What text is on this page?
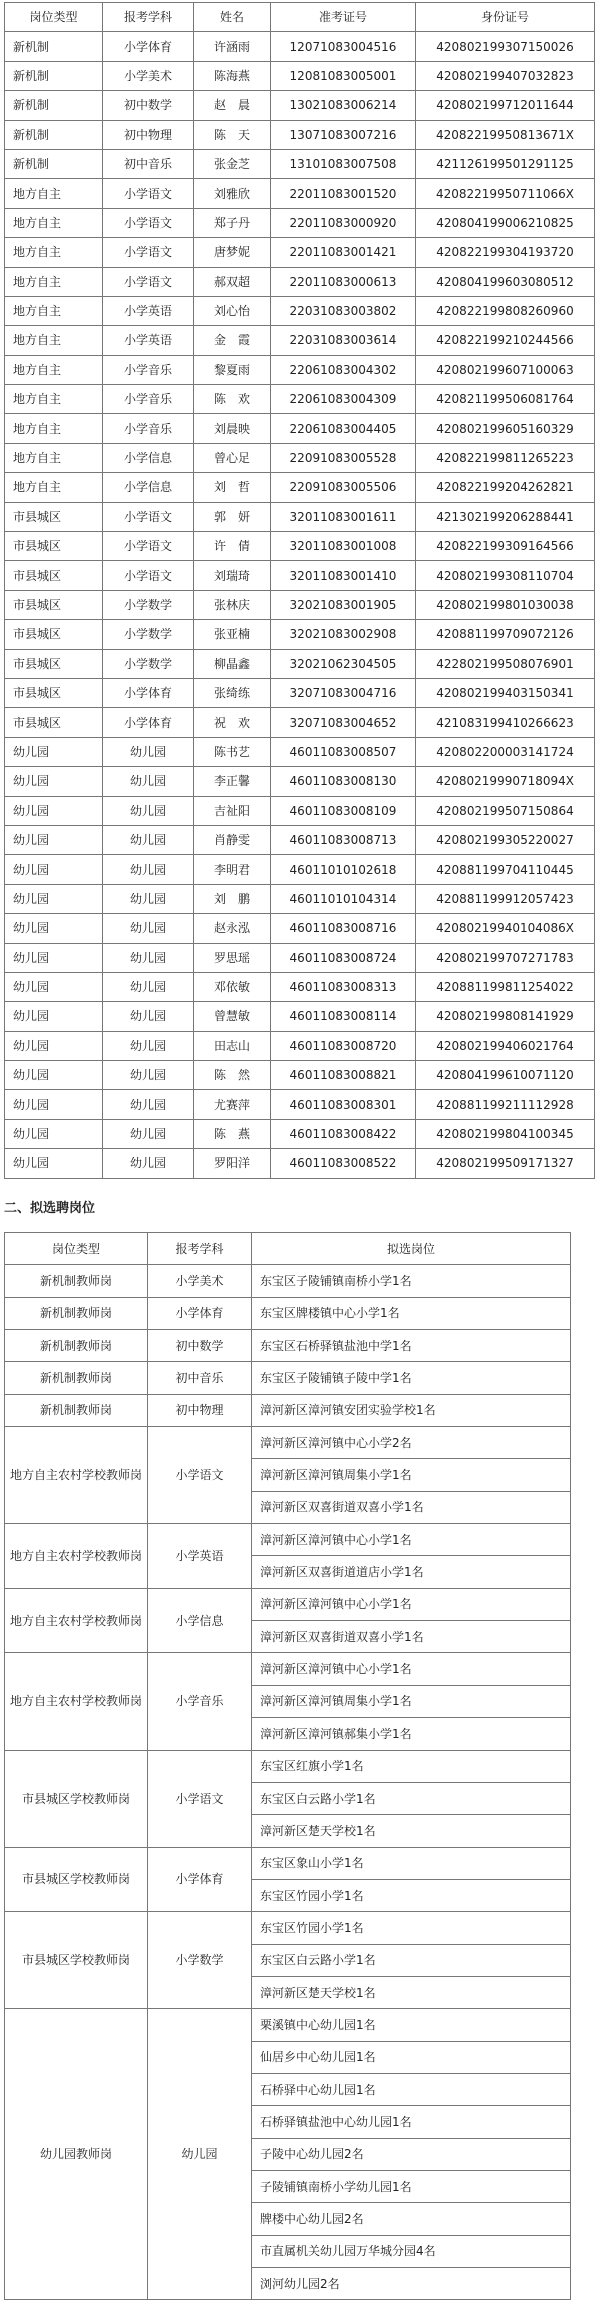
岗位类型	报考学科	姓名	准考证号	身份证号
新机制	小学体育	许涵雨	12071083004516	420802199307150026
新机制	小学美术	陈海燕	12081083005001	420802199407032823
新机制	初中数学	赵　晨	13021083006214	420802199712011644
新机制	初中物理	陈　天	13071083007216	42082219950813671X
新机制	初中音乐	张金芝	13101083007508	421126199501291125
地方自主	小学语文	刘雅欣	22011083001520	42082219950711066X
地方自主	小学语文	郑子丹	22011083000920	420804199006210825
地方自主	小学语文	唐梦妮	22011083001421	420822199304193720
地方自主	小学语文	郝双超	22011083000613	420804199603080512
地方自主	小学英语	刘心怡	22031083003802	420822199808260960
地方自主	小学英语	金　霞	22031083003614	420822199210244566
地方自主	小学音乐	黎夏雨	22061083004302	420802199607100063
地方自主	小学音乐	陈　欢	22061083004309	420821199506081764
地方自主	小学音乐	刘晨映	22061083004405	420802199605160329
地方自主	小学信息	曾心足	22091083005528	420822199811265223
地方自主	小学信息	刘　哲	22091083005506	420822199204262821
市县城区	小学语文	郭　妍	32011083001611	421302199206288441
市县城区	小学语文	许　倩	32011083001008	420822199309164566
市县城区	小学语文	刘瑞琦	32011083001410	420802199308110704
市县城区	小学数学	张林庆	32021083001905	420802199801030038
市县城区	小学数学	张亚楠	32021083002908	420881199709072126
市县城区	小学数学	柳晶鑫	32021062304505	422802199508076901
市县城区	小学体育	张绮练	32071083004716	420802199403150341
市县城区	小学体育	祝　欢	32071083004652	421083199410266623
幼儿园	幼儿园	陈书艺	46011083008507	420802200003141724
幼儿园	幼儿园	李正馨	46011083008130	42080219990718094X
幼儿园	幼儿园	吉祉阳	46011083008109	420802199507150864
幼儿园	幼儿园	肖静雯	46011083008713	420802199305220027
幼儿园	幼儿园	李明君	46011010102618	420881199704110445
幼儿园	幼儿园	刘　鹏	46011010104314	420881199912057423
幼儿园	幼儿园	赵永泓	46011083008716	42080219940104086X
幼儿园	幼儿园	罗思瑶	46011083008724	420802199707271783
幼儿园	幼儿园	邓依敏	46011083008313	420881199811254022
幼儿园	幼儿园	曾慧敏	46011083008114	420802199808141929
幼儿园	幼儿园	田志山	46011083008720	420802199406021764
幼儿园	幼儿园	陈　然	46011083008821	420804199610071120
幼儿园	幼儿园	尤赛萍	46011083008301	420881199211112928
幼儿园	幼儿园	陈　燕	46011083008422	420802199804100345
幼儿园	幼儿园	罗阳洋	46011083008522	420802199509171327
二、拟选聘岗位
岗位类型	报考学科	拟选岗位
新机制教师岗	小学美术	东宝区子陵铺镇南桥小学1名
新机制教师岗	小学体育	东宝区牌楼镇中心小学1名
新机制教师岗	初中数学	东宝区石桥驿镇盐池中学1名
新机制教师岗	初中音乐	东宝区子陵铺镇子陵中学1名
新机制教师岗	初中物理	漳河新区漳河镇安团实验学校1名
地方自主农村学校教师岗	小学语文	漳河新区漳河镇中心小学2名
		漳河新区漳河镇周集小学1名
		漳河新区双喜街道双喜小学1名
地方自主农村学校教师岗	小学英语	漳河新区漳河镇中心小学1名
		漳河新区双喜街道道店小学1名
地方自主农村学校教师岗	小学信息	漳河新区漳河镇中心小学1名
		漳河新区双喜街道双喜小学1名
地方自主农村学校教师岗	小学音乐	漳河新区漳河镇中心小学1名
		漳河新区漳河镇周集小学1名
		漳河新区漳河镇郝集小学1名
市县城区学校教师岗	小学语文	东宝区红旗小学1名
		东宝区白云路小学1名
		漳河新区楚天学校1名
市县城区学校教师岗	小学体育	东宝区象山小学1名
		东宝区竹园小学1名
市县城区学校教师岗	小学数学	东宝区竹园小学1名
		东宝区白云路小学1名
		漳河新区楚天学校1名
幼儿园教师岗	幼儿园	栗溪镇中心幼儿园1名
		仙居乡中心幼儿园1名
		石桥驿中心幼儿园1名
		石桥驿镇盐池中心幼儿园1名
		子陵中心幼儿园2名
		子陵铺镇南桥小学幼儿园1名
		牌楼中心幼儿园2名
		市直属机关幼儿园万华城分园4名
		浏河幼儿园2名
